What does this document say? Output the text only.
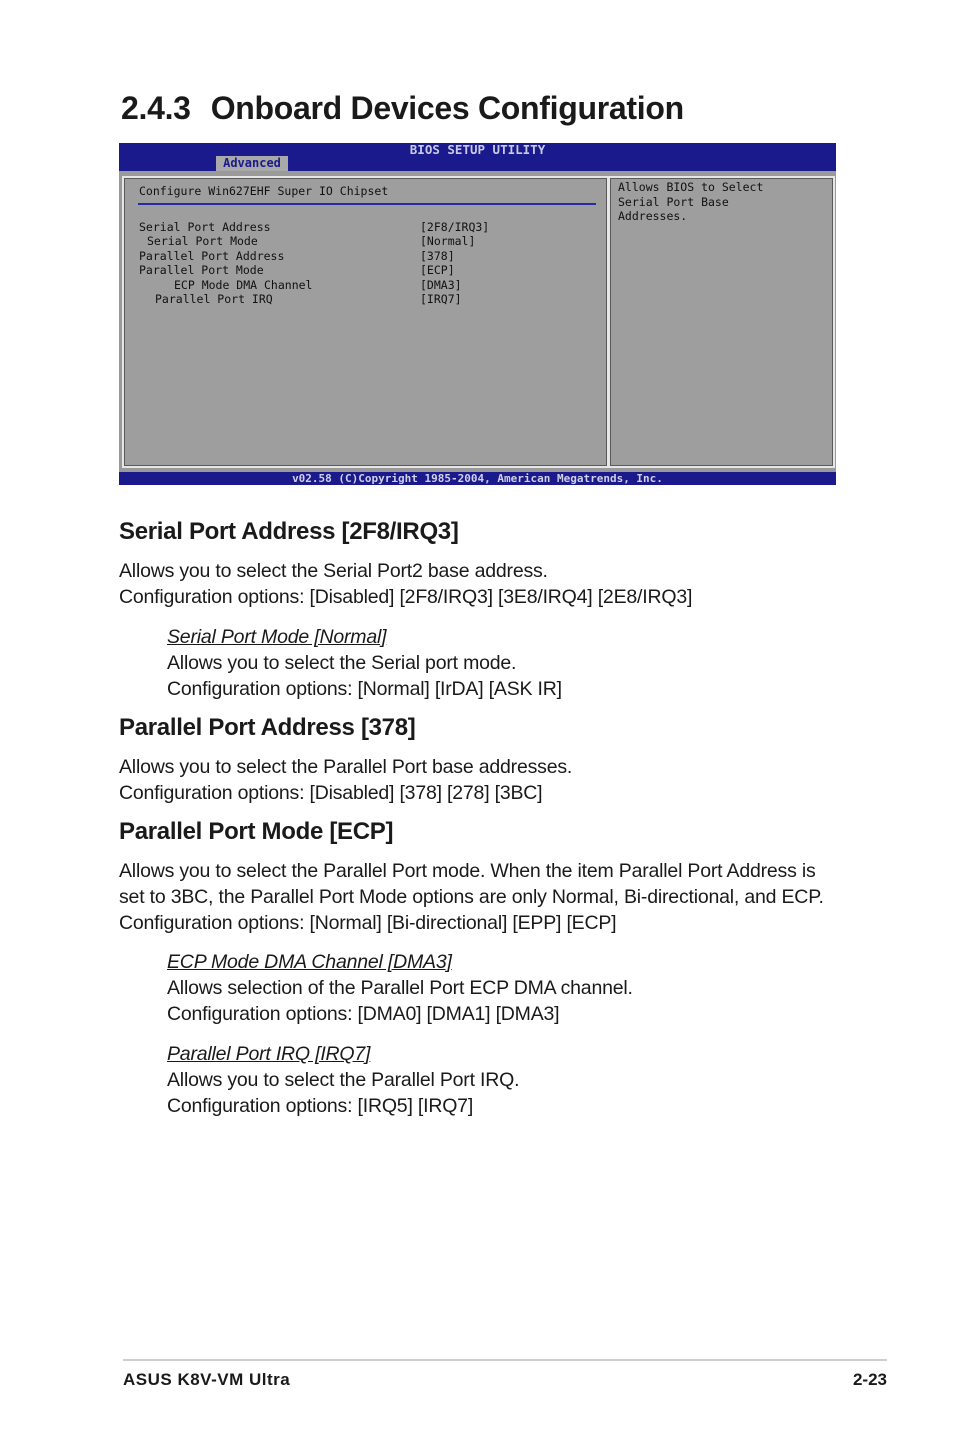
2.4.3 Onboard Devices Configuration
BIOS SETUP UTILITY
Advanced
Configure Win627EHF Super IO Chipset
Serial Port Address	[2F8/IRQ3]
Serial Port Mode	[Normal]
Parallel Port Address	[378]
Parallel Port Mode	[ECP]
ECP Mode DMA Channel	[DMA3]
Parallel Port IRQ	[IRQ7]
Allows BIOS to Select
Serial Port Base
Addresses.
v02.58 (C)Copyright 1985-2004, American Megatrends, Inc.
Serial Port Address [2F8/IRQ3]
Allows you to select the Serial Port2 base address.
Configuration options: [Disabled] [2F8/IRQ3] [3E8/IRQ4] [2E8/IRQ3]
Serial Port Mode [Normal]
Allows you to select the Serial port mode.
Configuration options: [Normal] [IrDA] [ASK IR]
Parallel Port Address [378]
Allows you to select the Parallel Port base addresses.
Configuration options: [Disabled] [378] [278] [3BC]
Parallel Port Mode [ECP]
Allows you to select the Parallel Port mode. When the item Parallel Port Address is
set to 3BC, the Parallel Port Mode options are only Normal, Bi-directional, and ECP.
Configuration options: [Normal] [Bi-directional] [EPP] [ECP]
ECP Mode DMA Channel [DMA3]
Allows selection of the Parallel Port ECP DMA channel.
Configuration options: [DMA0] [DMA1] [DMA3]
Parallel Port IRQ [IRQ7]
Allows you to select the Parallel Port IRQ.
Configuration options: [IRQ5] [IRQ7]
ASUS K8V-VM Ultra	2-23
